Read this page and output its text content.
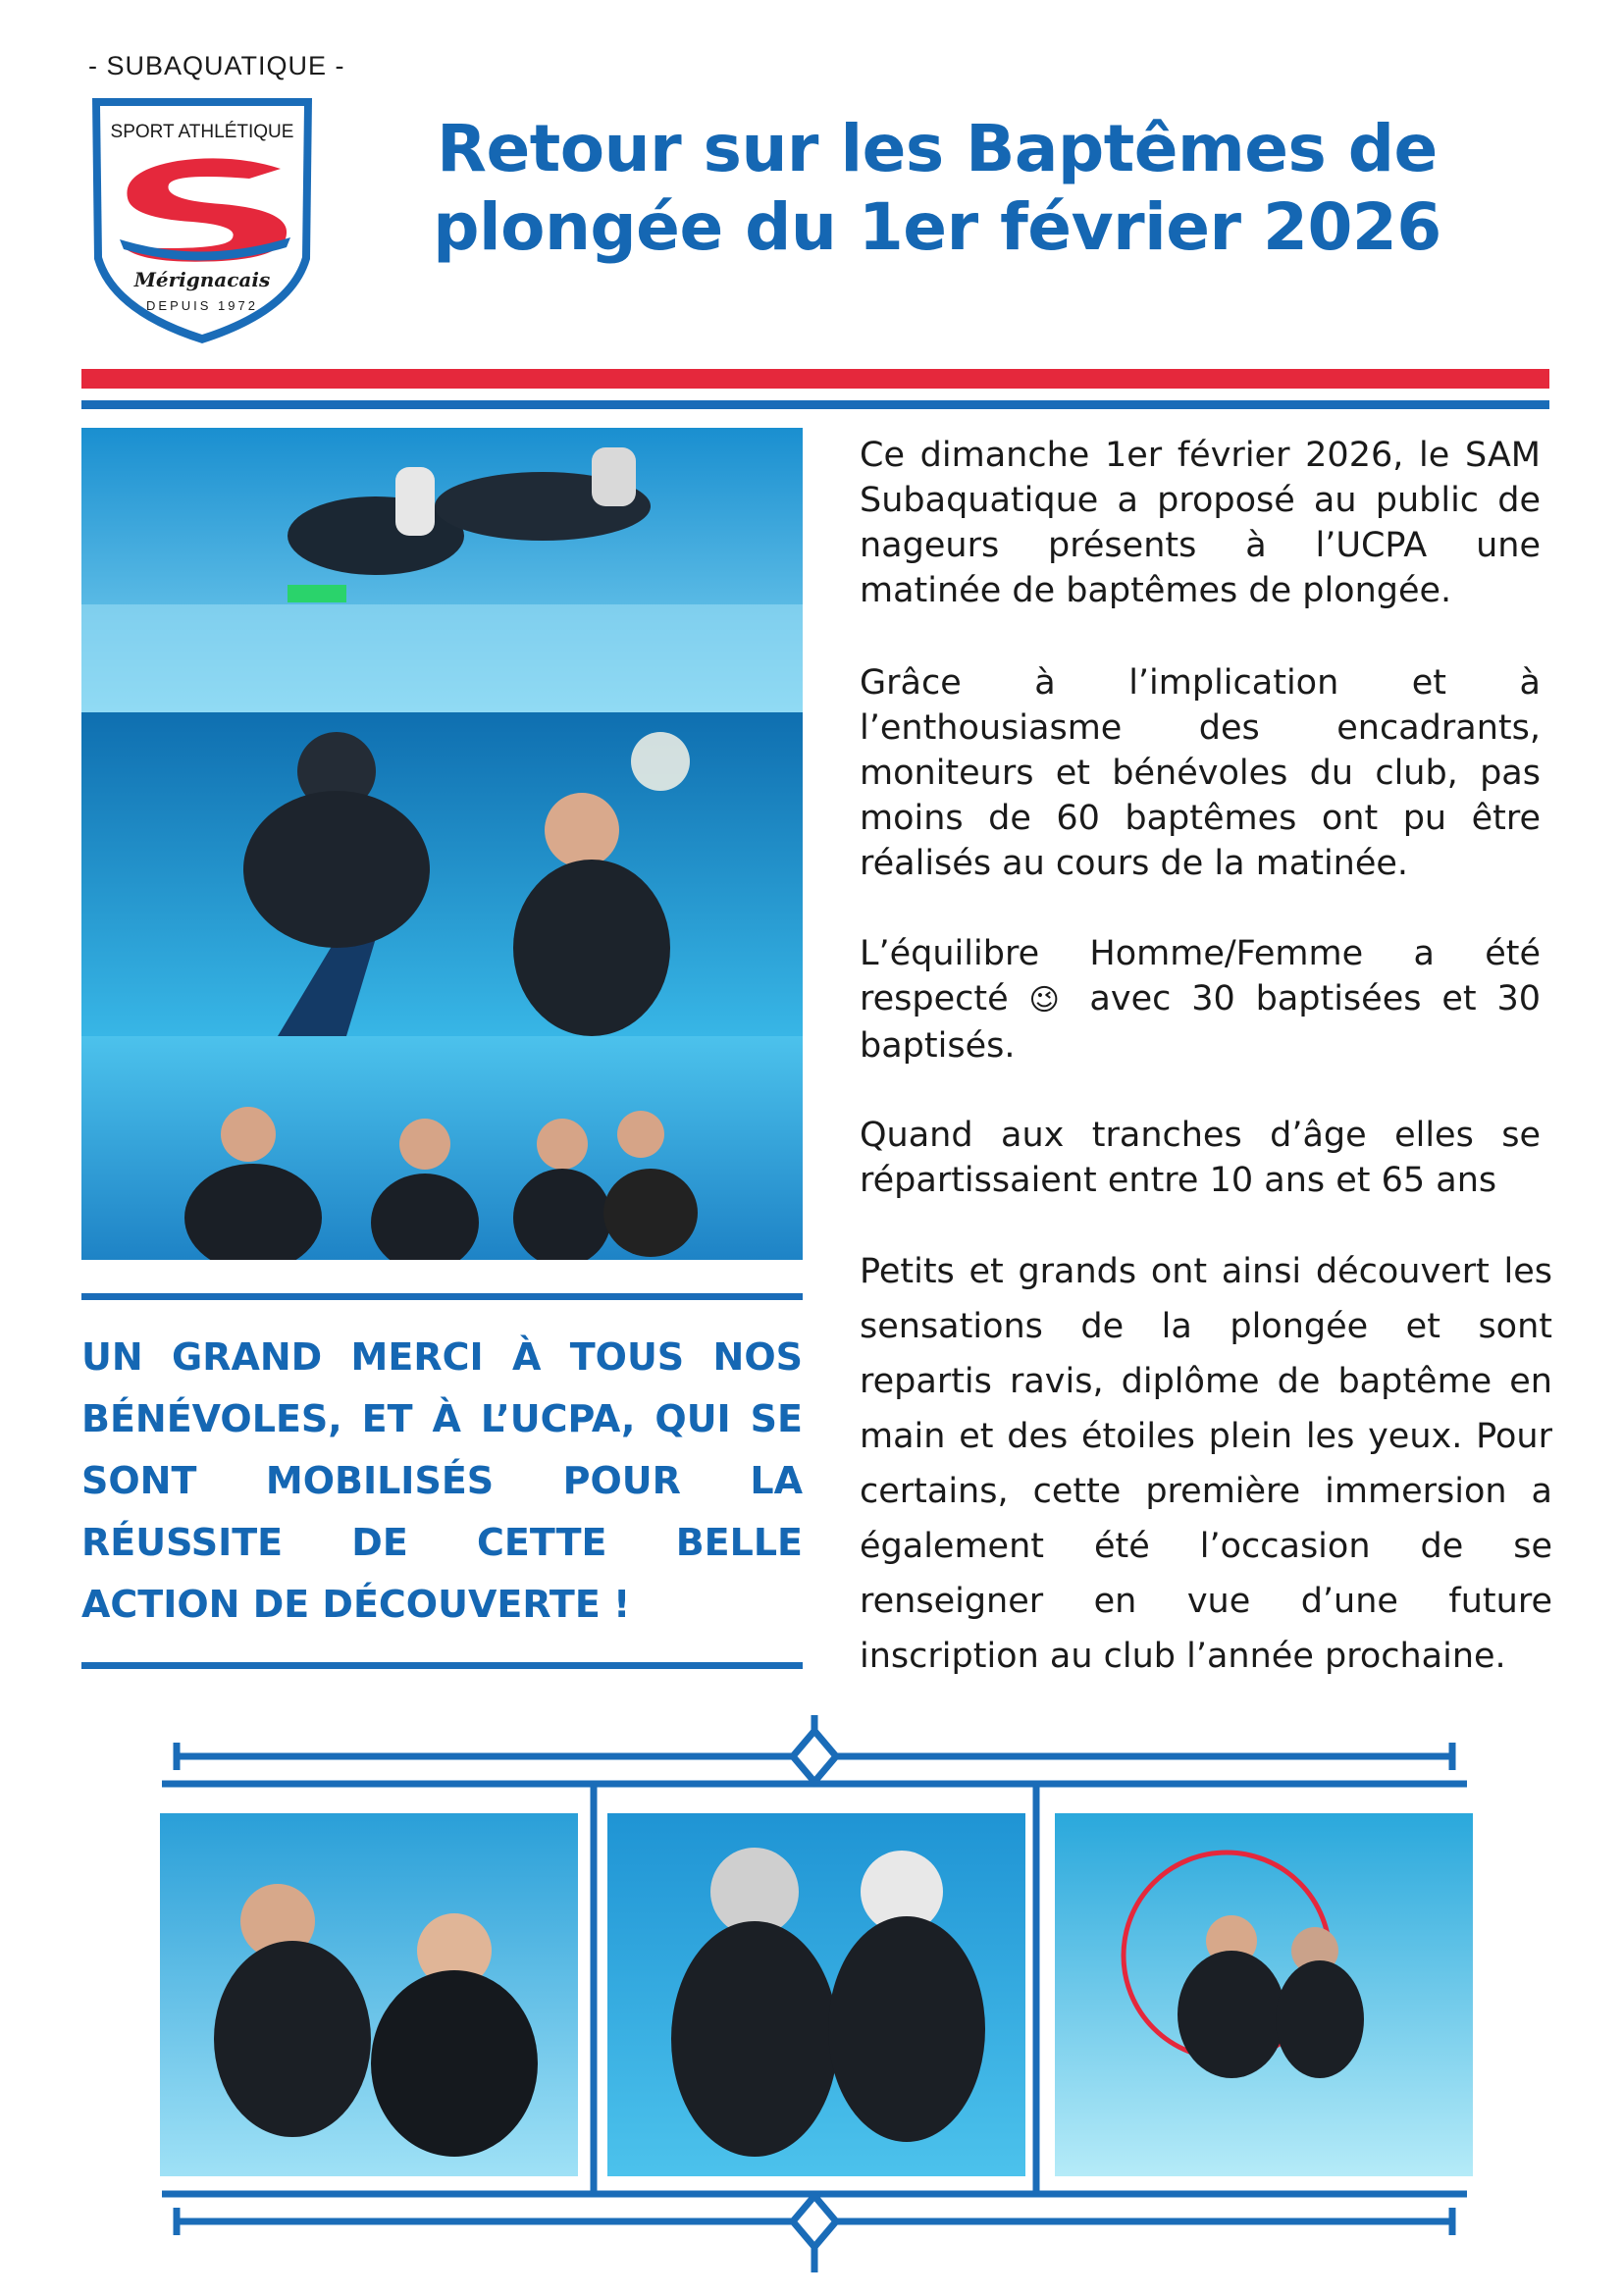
- SUBAQUATIQUE -
SPORT ATHLÉTIQUE
Mérignacais
DEPUIS 1972
Retour sur les Baptêmes de plongée du 1er février 2026
Ce dimanche 1er février 2026, le SAM Subaquatique a proposé au public de nageurs présents à l’UCPA une matinée de baptêmes de plongée.
Grâce à l’implication et à l’enthousiasme des encadrants, moniteurs et bénévoles du club, pas moins de 60 baptêmes ont pu être réalisés au cours de la matinée.
L’équilibre Homme/Femme a été respecté 😉 avec 30 baptisées et 30 baptisés.
Quand aux tranches d’âge elles se répartissaient entre 10 ans et 65 ans
Petits et grands ont ainsi découvert les sensations de la plongée et sont repartis ravis, diplôme de baptême en main et des étoiles plein les yeux. Pour certains, cette première immersion a également été l’occasion de se renseigner en vue d’une future inscription au club l’année prochaine.
UN GRAND MERCI À TOUS NOS BÉNÉVOLES, ET À L’UCPA, QUI SE SONT MOBILISÉS POUR LA RÉUSSITE DE CETTE BELLE ACTION DE DÉCOUVERTE !
